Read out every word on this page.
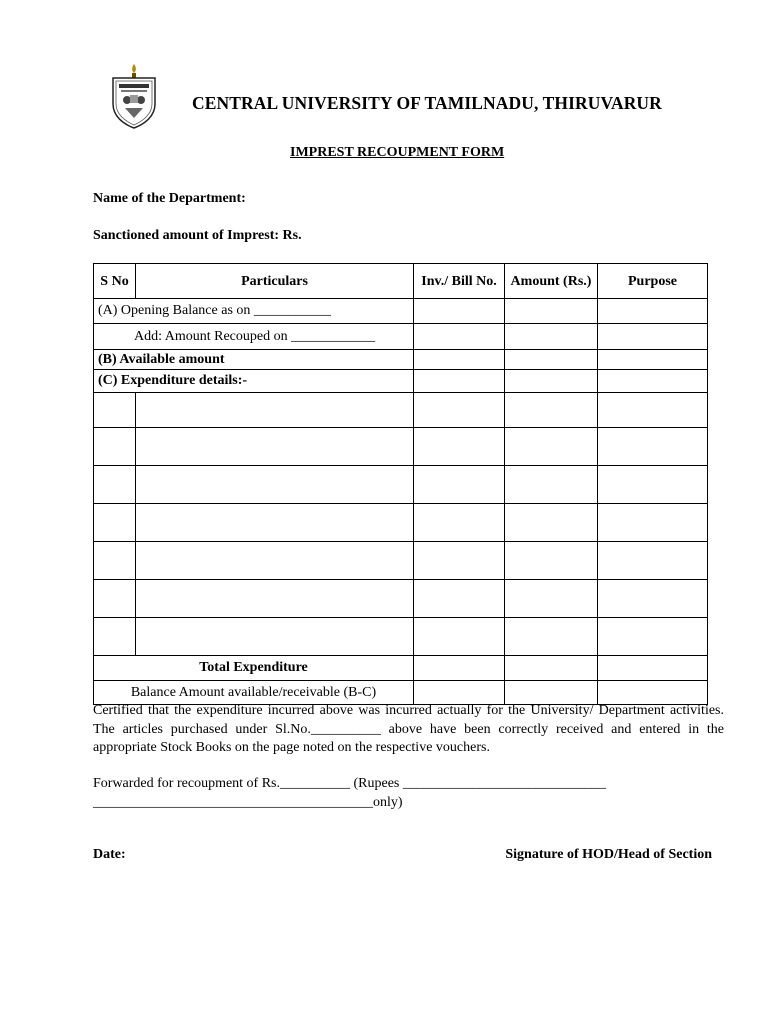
CENTRAL UNIVERSITY OF TAMILNADU, THIRUVARUR
IMPREST RECOUPMENT FORM
Name of the Department:
Sanctioned amount of Imprest: Rs.
S No	Particulars	Inv./ Bill No.	Amount (Rs.)	Purpose
(A) Opening Balance as on ___________				
Add: Amount Recouped on ____________				
(B) Available amount				
(C) Expenditure details:-				

Total Expenditure				
Balance Amount available/receivable (B-C)				
Certified that the expenditure incurred above was incurred actually for the University/ Department activities. The articles purchased under Sl.No.__________ above have been correctly received and entered in the appropriate Stock Books on the page noted on the respective vouchers.
Forwarded for recoupment of Rs.__________ (Rupees _____________________________
________________________________________only)
Date:	Signature of HOD/Head of Section
